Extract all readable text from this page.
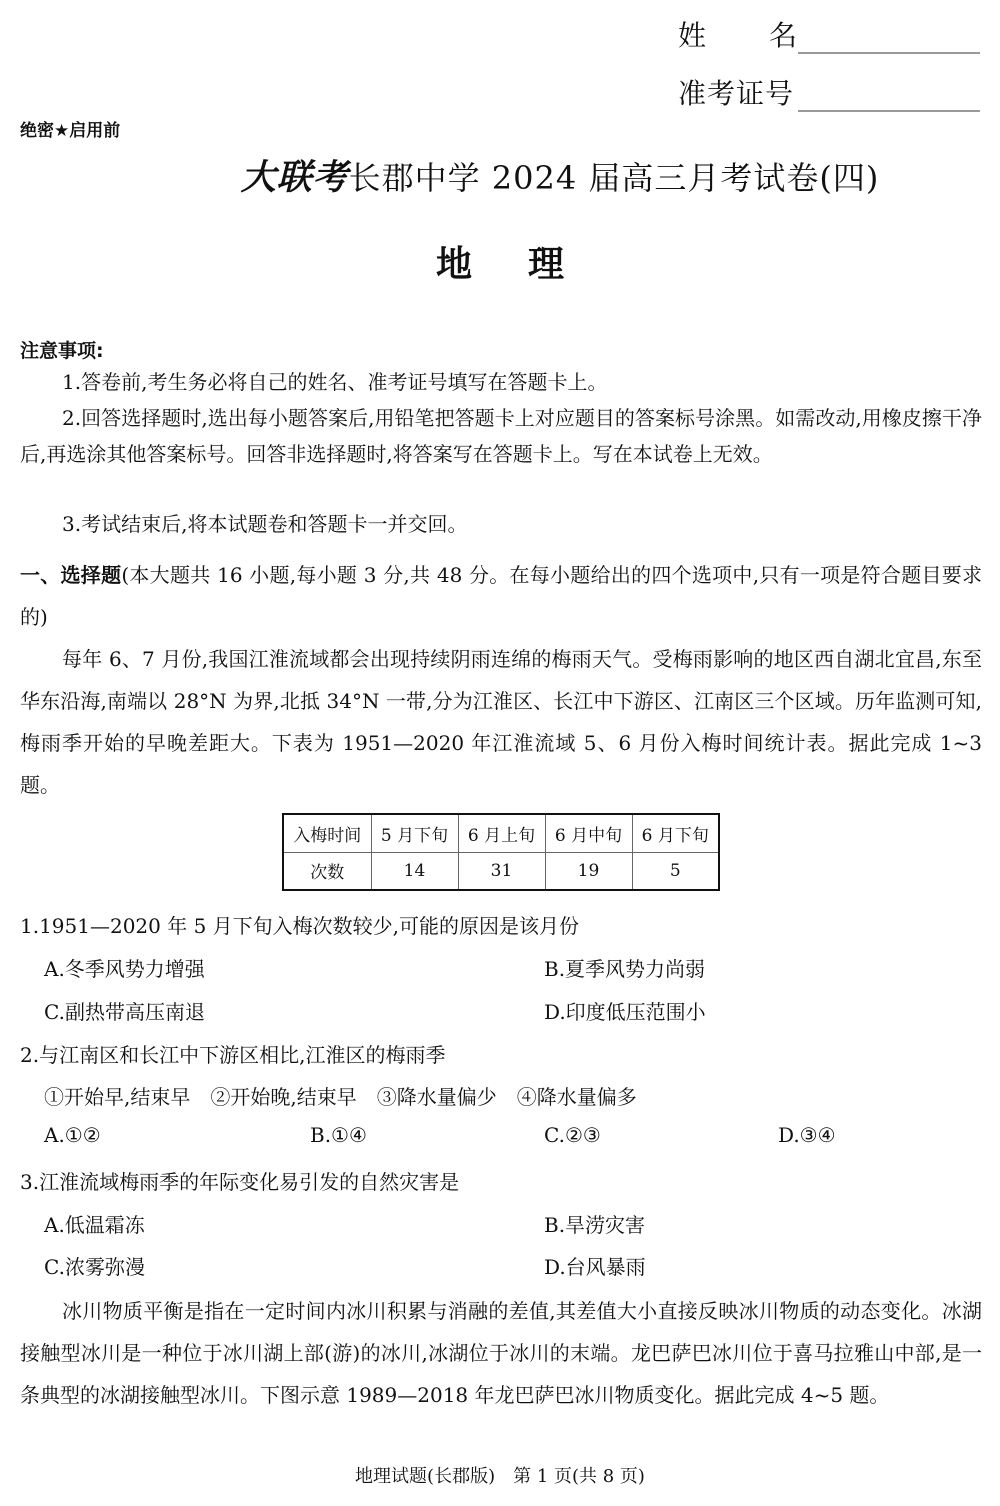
姓 名
准考证号
绝密★启用前
大联考长郡中学 2024 届高三月考试卷(四)
地 理
注意事项:
1.答卷前,考生务必将自己的姓名、准考证号填写在答题卡上。
2.回答选择题时,选出每小题答案后,用铅笔把答题卡上对应题目的答案标号涂黑。如需改动,用橡皮擦干净后,再选涂其他答案标号。回答非选择题时,将答案写在答题卡上。写在本试卷上无效。
3.考试结束后,将本试题卷和答题卡一并交回。
一、选择题(本大题共 16 小题,每小题 3 分,共 48 分。在每小题给出的四个选项中,只有一项是符合题目要求的)
每年 6、7 月份,我国江淮流域都会出现持续阴雨连绵的梅雨天气。受梅雨影响的地区西自湖北宜昌,东至华东沿海,南端以 28°N 为界,北抵 34°N 一带,分为江淮区、长江中下游区、江南区三个区域。历年监测可知,梅雨季开始的早晚差距大。下表为 1951—2020 年江淮流域 5、6 月份入梅时间统计表。据此完成 1~3 题。
入梅时间	5 月下旬	6 月上旬	6 月中旬	6 月下旬
次数	14	31	19	5
1.1951—2020 年 5 月下旬入梅次数较少,可能的原因是该月份
A.冬季风势力增强	B.夏季风势力尚弱
C.副热带高压南退	D.印度低压范围小
2.与江南区和长江中下游区相比,江淮区的梅雨季
①开始早,结束早　②开始晚,结束早　③降水量偏少　④降水量偏多
A.①②	B.①④	C.②③	D.③④
3.江淮流域梅雨季的年际变化易引发的自然灾害是
A.低温霜冻	B.旱涝灾害
C.浓雾弥漫	D.台风暴雨
冰川物质平衡是指在一定时间内冰川积累与消融的差值,其差值大小直接反映冰川物质的动态变化。冰湖接触型冰川是一种位于冰川湖上部(游)的冰川,冰湖位于冰川的末端。龙巴萨巴冰川位于喜马拉雅山中部,是一条典型的冰湖接触型冰川。下图示意 1989—2018 年龙巴萨巴冰川物质变化。据此完成 4~5 题。
地理试题(长郡版)　第 1 页(共 8 页)
